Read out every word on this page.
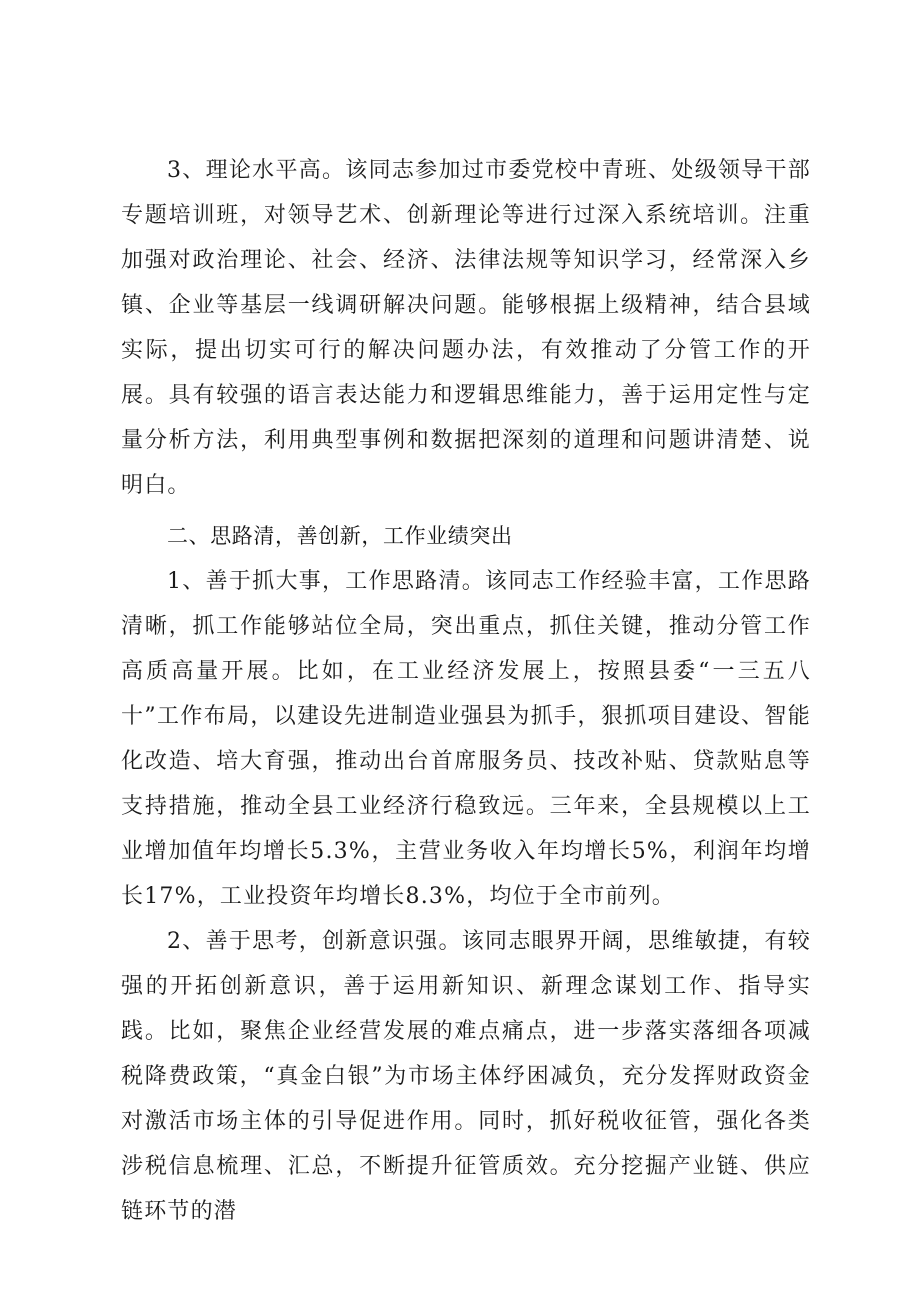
3、理论水平高。该同志参加过市委党校中青班、处级领导干部专题培训班，对领导艺术、创新理论等进行过深入系统培训。注重加强对政治理论、社会、经济、法律法规等知识学习，经常深入乡镇、企业等基层一线调研解决问题。能够根据上级精神，结合县域实际，提出切实可行的解决问题办法，有效推动了分管工作的开展。具有较强的语言表达能力和逻辑思维能力，善于运用定性与定量分析方法，利用典型事例和数据把深刻的道理和问题讲清楚、说明白。

二、思路清，善创新，工作业绩突出

1、善于抓大事，工作思路清。该同志工作经验丰富，工作思路清晰，抓工作能够站位全局，突出重点，抓住关键，推动分管工作高质高量开展。比如，在工业经济发展上，按照县委“一三五八十”工作布局，以建设先进制造业强县为抓手，狠抓项目建设、智能化改造、培大育强，推动出台首席服务员、技改补贴、贷款贴息等支持措施，推动全县工业经济行稳致远。三年来，全县规模以上工业增加值年均增长5.3%，主营业务收入年均增长5%，利润年均增长17%，工业投资年均增长8.3%，均位于全市前列。

2、善于思考，创新意识强。该同志眼界开阔，思维敏捷，有较强的开拓创新意识，善于运用新知识、新理念谋划工作、指导实践。比如，聚焦企业经营发展的难点痛点，进一步落实落细各项减税降费政策，“真金白银”为市场主体纾困减负，充分发挥财政资金对激活市场主体的引导促进作用。同时，抓好税收征管，强化各类涉税信息梳理、汇总，不断提升征管质效。充分挖掘产业链、供应链环节的潜
